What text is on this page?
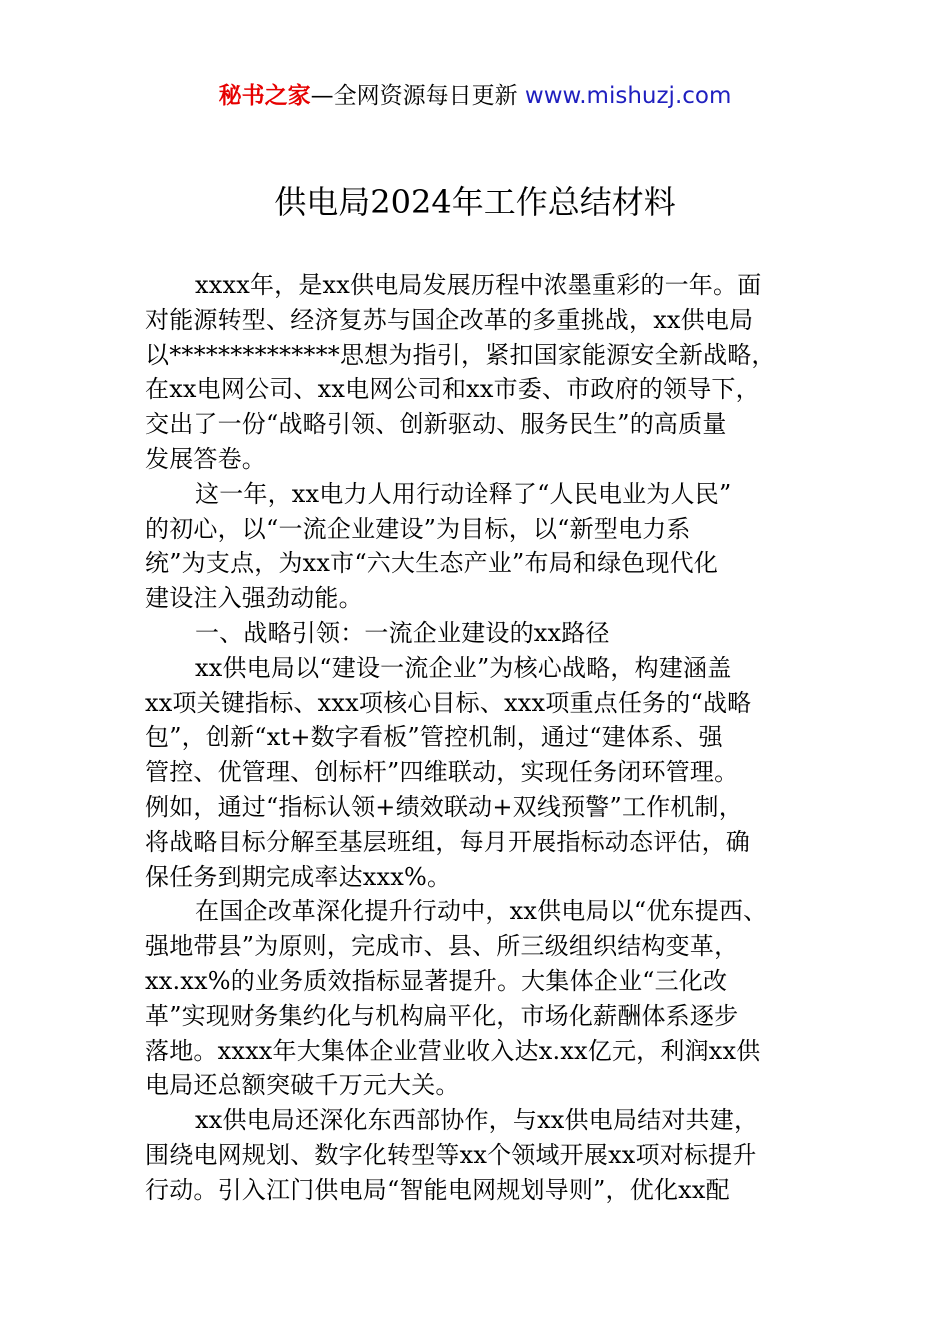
秘书之家—全网资源每日更新 www.mishuzj.com
供电局2024年工作总结材料

xxxx年，是xx供电局发展历程中浓墨重彩的一年。面
对能源转型、经济复苏与国企改革的多重挑战，xx供电局
以**************思想为指引，紧扣国家能源安全新战略，
在xx电网公司、xx电网公司和xx市委、市政府的领导下，
交出了一份“战略引领、创新驱动、服务民生”的高质量
发展答卷。

这一年，xx电力人用行动诠释了“人民电业为人民”
的初心，以“一流企业建设”为目标，以“新型电力系
统”为支点，为xx市“六大生态产业”布局和绿色现代化
建设注入强劲动能。

一、战略引领：一流企业建设的xx路径

xx供电局以“建设一流企业”为核心战略，构建涵盖
xx项关键指标、xxx项核心目标、xxx项重点任务的“战略
包”，创新“xt+数字看板”管控机制，通过“建体系、强
管控、优管理、创标杆”四维联动，实现任务闭环管理。
例如，通过“指标认领+绩效联动+双线预警”工作机制，
将战略目标分解至基层班组，每月开展指标动态评估，确
保任务到期完成率达xxx%。

在国企改革深化提升行动中，xx供电局以“优东提西、
强地带县”为原则，完成市、县、所三级组织结构变革，
xx.xx%的业务质效指标显著提升。大集体企业“三化改
革”实现财务集约化与机构扁平化，市场化薪酬体系逐步
落地。xxxx年大集体企业营业收入达x.xx亿元，利润xx供
电局还总额突破千万元大关。

xx供电局还深化东西部协作，与xx供电局结对共建，
围绕电网规划、数字化转型等xx个领域开展xx项对标提升
行动。引入江门供电局“智能电网规划导则”，优化xx配
